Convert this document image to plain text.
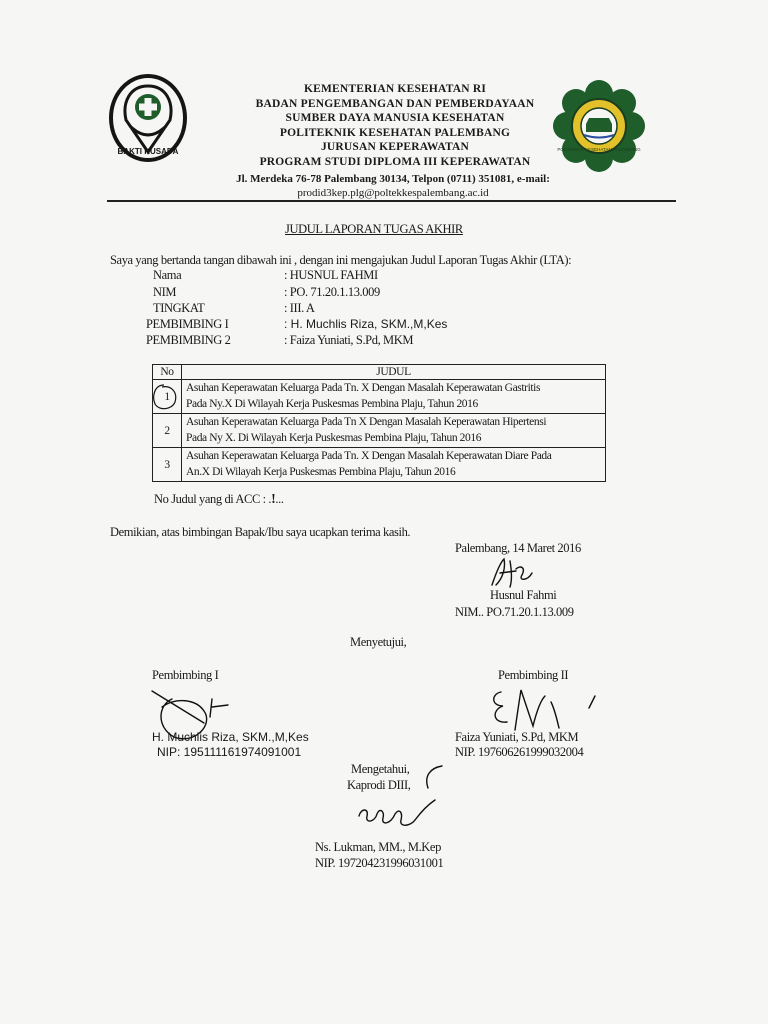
BAKTI HUSADA
KEMENTERIAN KESEHATAN RI
BADAN PENGEMBANGAN DAN PEMBERDAYAAN
SUMBER DAYA MANUSIA KESEHATAN
POLITEKNIK KESEHATAN PALEMBANG
JURUSAN KEPERAWATAN
PROGRAM STUDI DIPLOMA III KEPERAWATAN
Jl. Merdeka 76-78 Palembang 30134, Telpon (0711) 351081, e-mail:
prodid3kep.plg@poltekkespalembang.ac.id
POLITEKNIK KESEHATAN PALEMBANG
JUDUL LAPORAN TUGAS AKHIR
Saya yang bertanda tangan dibawah ini , dengan ini mengajukan Judul Laporan Tugas Akhir (LTA):
Nama	: HUSNUL FAHMI
NIM	: PO. 71.20.1.13.009
TINGKAT	: III. A
PEMBIMBING I	: H. Muchlis Riza, SKM.,M,Kes
PEMBIMBING 2	: Faiza Yuniati, S.Pd, MKM
No	JUDUL
1	Asuhan Keperawatan Keluarga Pada Tn. X Dengan Masalah Keperawatan Gastritis
Pada Ny.X Di Wilayah Kerja Puskesmas Pembina Plaju, Tahun 2016

2	Asuhan Keperawatan Keluarga Pada Tn X Dengan Masalah Keperawatan Hipertensi
Pada Ny X. Di Wilayah Kerja Puskesmas Pembina Plaju, Tahun 2016

3	Asuhan Keperawatan Keluarga Pada Tn. X Dengan Masalah Keperawatan Diare Pada
An.X Di Wilayah Kerja Puskesmas Pembina Plaju, Tahun 2016
No Judul yang di ACC : .!...
Demikian, atas bimbingan Bapak/Ibu saya ucapkan terima kasih.
Palembang, 14 Maret 2016
Husnul Fahmi
NIM.. PO.71.20.1.13.009
Menyetujui,
Pembimbing I
H. Muchlis Riza, SKM.,M,Kes
NIP: 195111161974091001
Pembimbing II
Faiza Yuniati, S.Pd, MKM
NIP. 197606261999032004
Mengetahui,
Kaprodi DIII,
Ns. Lukman, MM., M.Kep
NIP. 197204231996031001
